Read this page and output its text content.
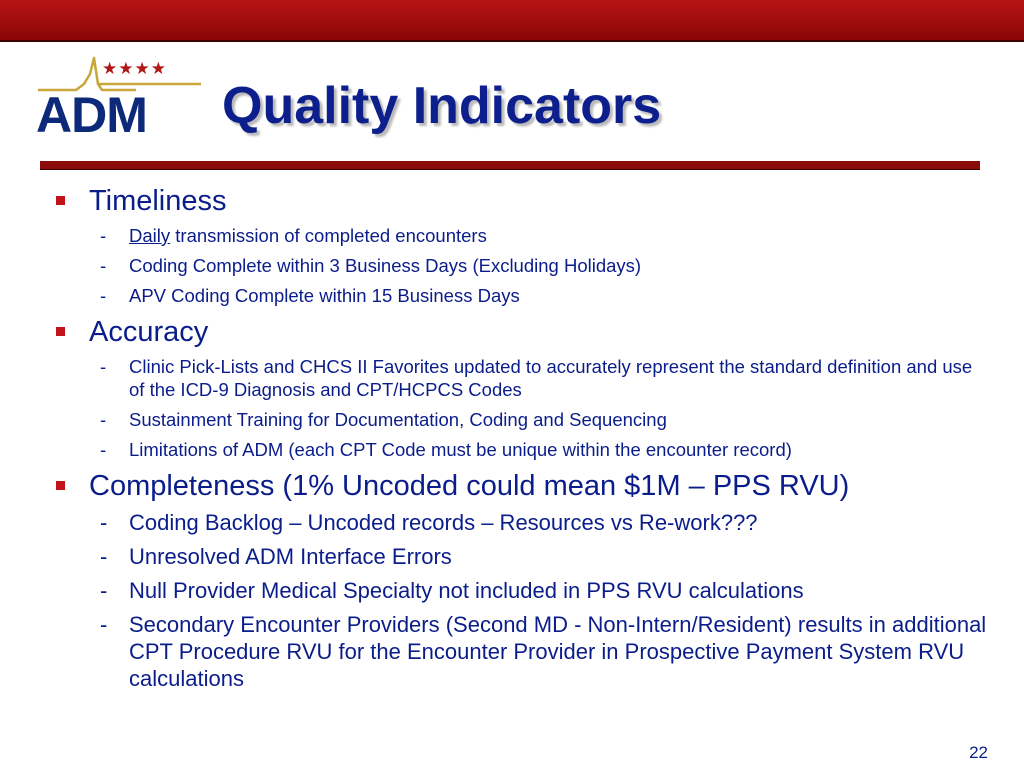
★★★★
ADM Quality Indicators
Timeliness
- Daily transmission of completed encounters
- Coding Complete within 3 Business Days (Excluding Holidays)
- APV Coding Complete within 15 Business Days
Accuracy
- Clinic Pick-Lists and CHCS II Favorites updated to accurately represent the standard definition and use of the ICD-9 Diagnosis and CPT/HCPCS Codes
- Sustainment Training for Documentation, Coding and Sequencing
- Limitations of ADM (each CPT Code must be unique within the encounter record)
Completeness (1% Uncoded could mean $1M – PPS RVU)
- Coding Backlog – Uncoded records – Resources vs Re-work???
- Unresolved ADM Interface Errors
- Null Provider Medical Specialty not included in PPS RVU calculations
- Secondary Encounter Providers (Second MD - Non-Intern/Resident) results in additional CPT Procedure RVU for the Encounter Provider in Prospective Payment System RVU calculations
22
